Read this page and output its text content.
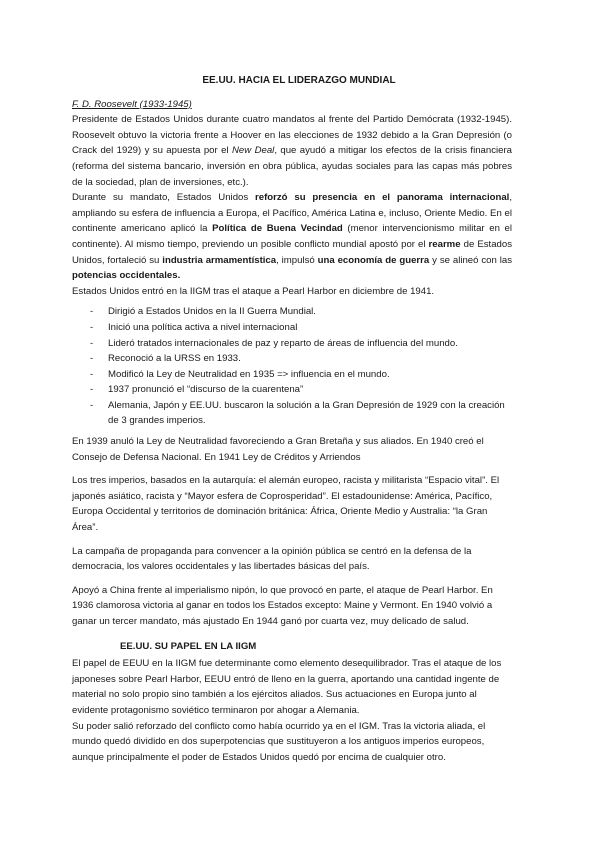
EE.UU. HACIA EL LIDERAZGO MUNDIAL

F. D. Roosevelt (1933-1945)

Presidente de Estados Unidos durante cuatro mandatos al frente del Partido Demócrata (1932-1945). Roosevelt obtuvo la victoria frente a Hoover en las elecciones de 1932 debido a la Gran Depresión (o Crack del 1929) y su apuesta por el New Deal, que ayudó a mitigar los efectos de la crisis financiera (reforma del sistema bancario, inversión en obra pública, ayudas sociales para las capas más pobres de la sociedad, plan de inversiones, etc.).

Durante su mandato, Estados Unidos reforzó su presencia en el panorama internacional, ampliando su esfera de influencia a Europa, el Pacífico, América Latina e, incluso, Oriente Medio. En el continente americano aplicó la Política de Buena Vecindad (menor intervencionismo militar en el continente). Al mismo tiempo, previendo un posible conflicto mundial apostó por el rearme de Estados Unidos, fortaleció su industria armamentística, impulsó una economía de guerra y se alineó con las potencias occidentales.

Estados Unidos entró en la IIGM tras el ataque a Pearl Harbor en diciembre de 1941.

- Dirigió a Estados Unidos en la II Guerra Mundial.
- Inició una política activa a nivel internacional
- Lideró tratados internacionales de paz y reparto de áreas de influencia del mundo.
- Reconoció a la URSS en 1933.
- Modificó la Ley de Neutralidad en 1935 => influencia en el mundo.
- 1937 pronunció el “discurso de la cuarentena”
- Alemania, Japón y EE.UU. buscaron la solución a la Gran Depresión de 1929 con la creación de 3 grandes imperios.

En 1939 anuló la Ley de Neutralidad favoreciendo a Gran Bretaña y sus aliados. En 1940 creó el Consejo de Defensa Nacional. En 1941 Ley de Créditos y Arriendos

Los tres imperios, basados en la autarquía: el alemán europeo, racista y militarista “Espacio vital”. El japonés asiático, racista y “Mayor esfera de Coprosperidad”. El estadounidense: América, Pacífico, Europa Occidental y territorios de dominación británica: África, Oriente Medio y Australia: “la Gran Área”.

La campaña de propaganda para convencer a la opinión pública se centró en la defensa de la democracia, los valores occidentales y las libertades básicas del país.

Apoyó a China frente al imperialismo nipón, lo que provocó en parte, el ataque de Pearl Harbor. En 1936 clamorosa victoria al ganar en todos los Estados excepto: Maine y Vermont. En 1940 volvió a ganar un tercer mandato, más ajustado En 1944 ganó por cuarta vez, muy delicado de salud.

EE.UU. SU PAPEL EN LA IIGM

El papel de EEUU en la IIGM fue determinante como elemento desequilibrador. Tras el ataque de los japoneses sobre Pearl Harbor, EEUU entró de lleno en la guerra, aportando una cantidad ingente de material no solo propio sino también a los ejércitos aliados. Sus actuaciones en Europa junto al evidente protagonismo soviético terminaron por ahogar a Alemania.

Su poder salió reforzado del conflicto como había ocurrido ya en el IGM. Tras la victoria aliada, el mundo quedó dividido en dos superpotencias que sustituyeron a los antiguos imperios europeos, aunque principalmente el poder de Estados Unidos quedó por encima de cualquier otro.
